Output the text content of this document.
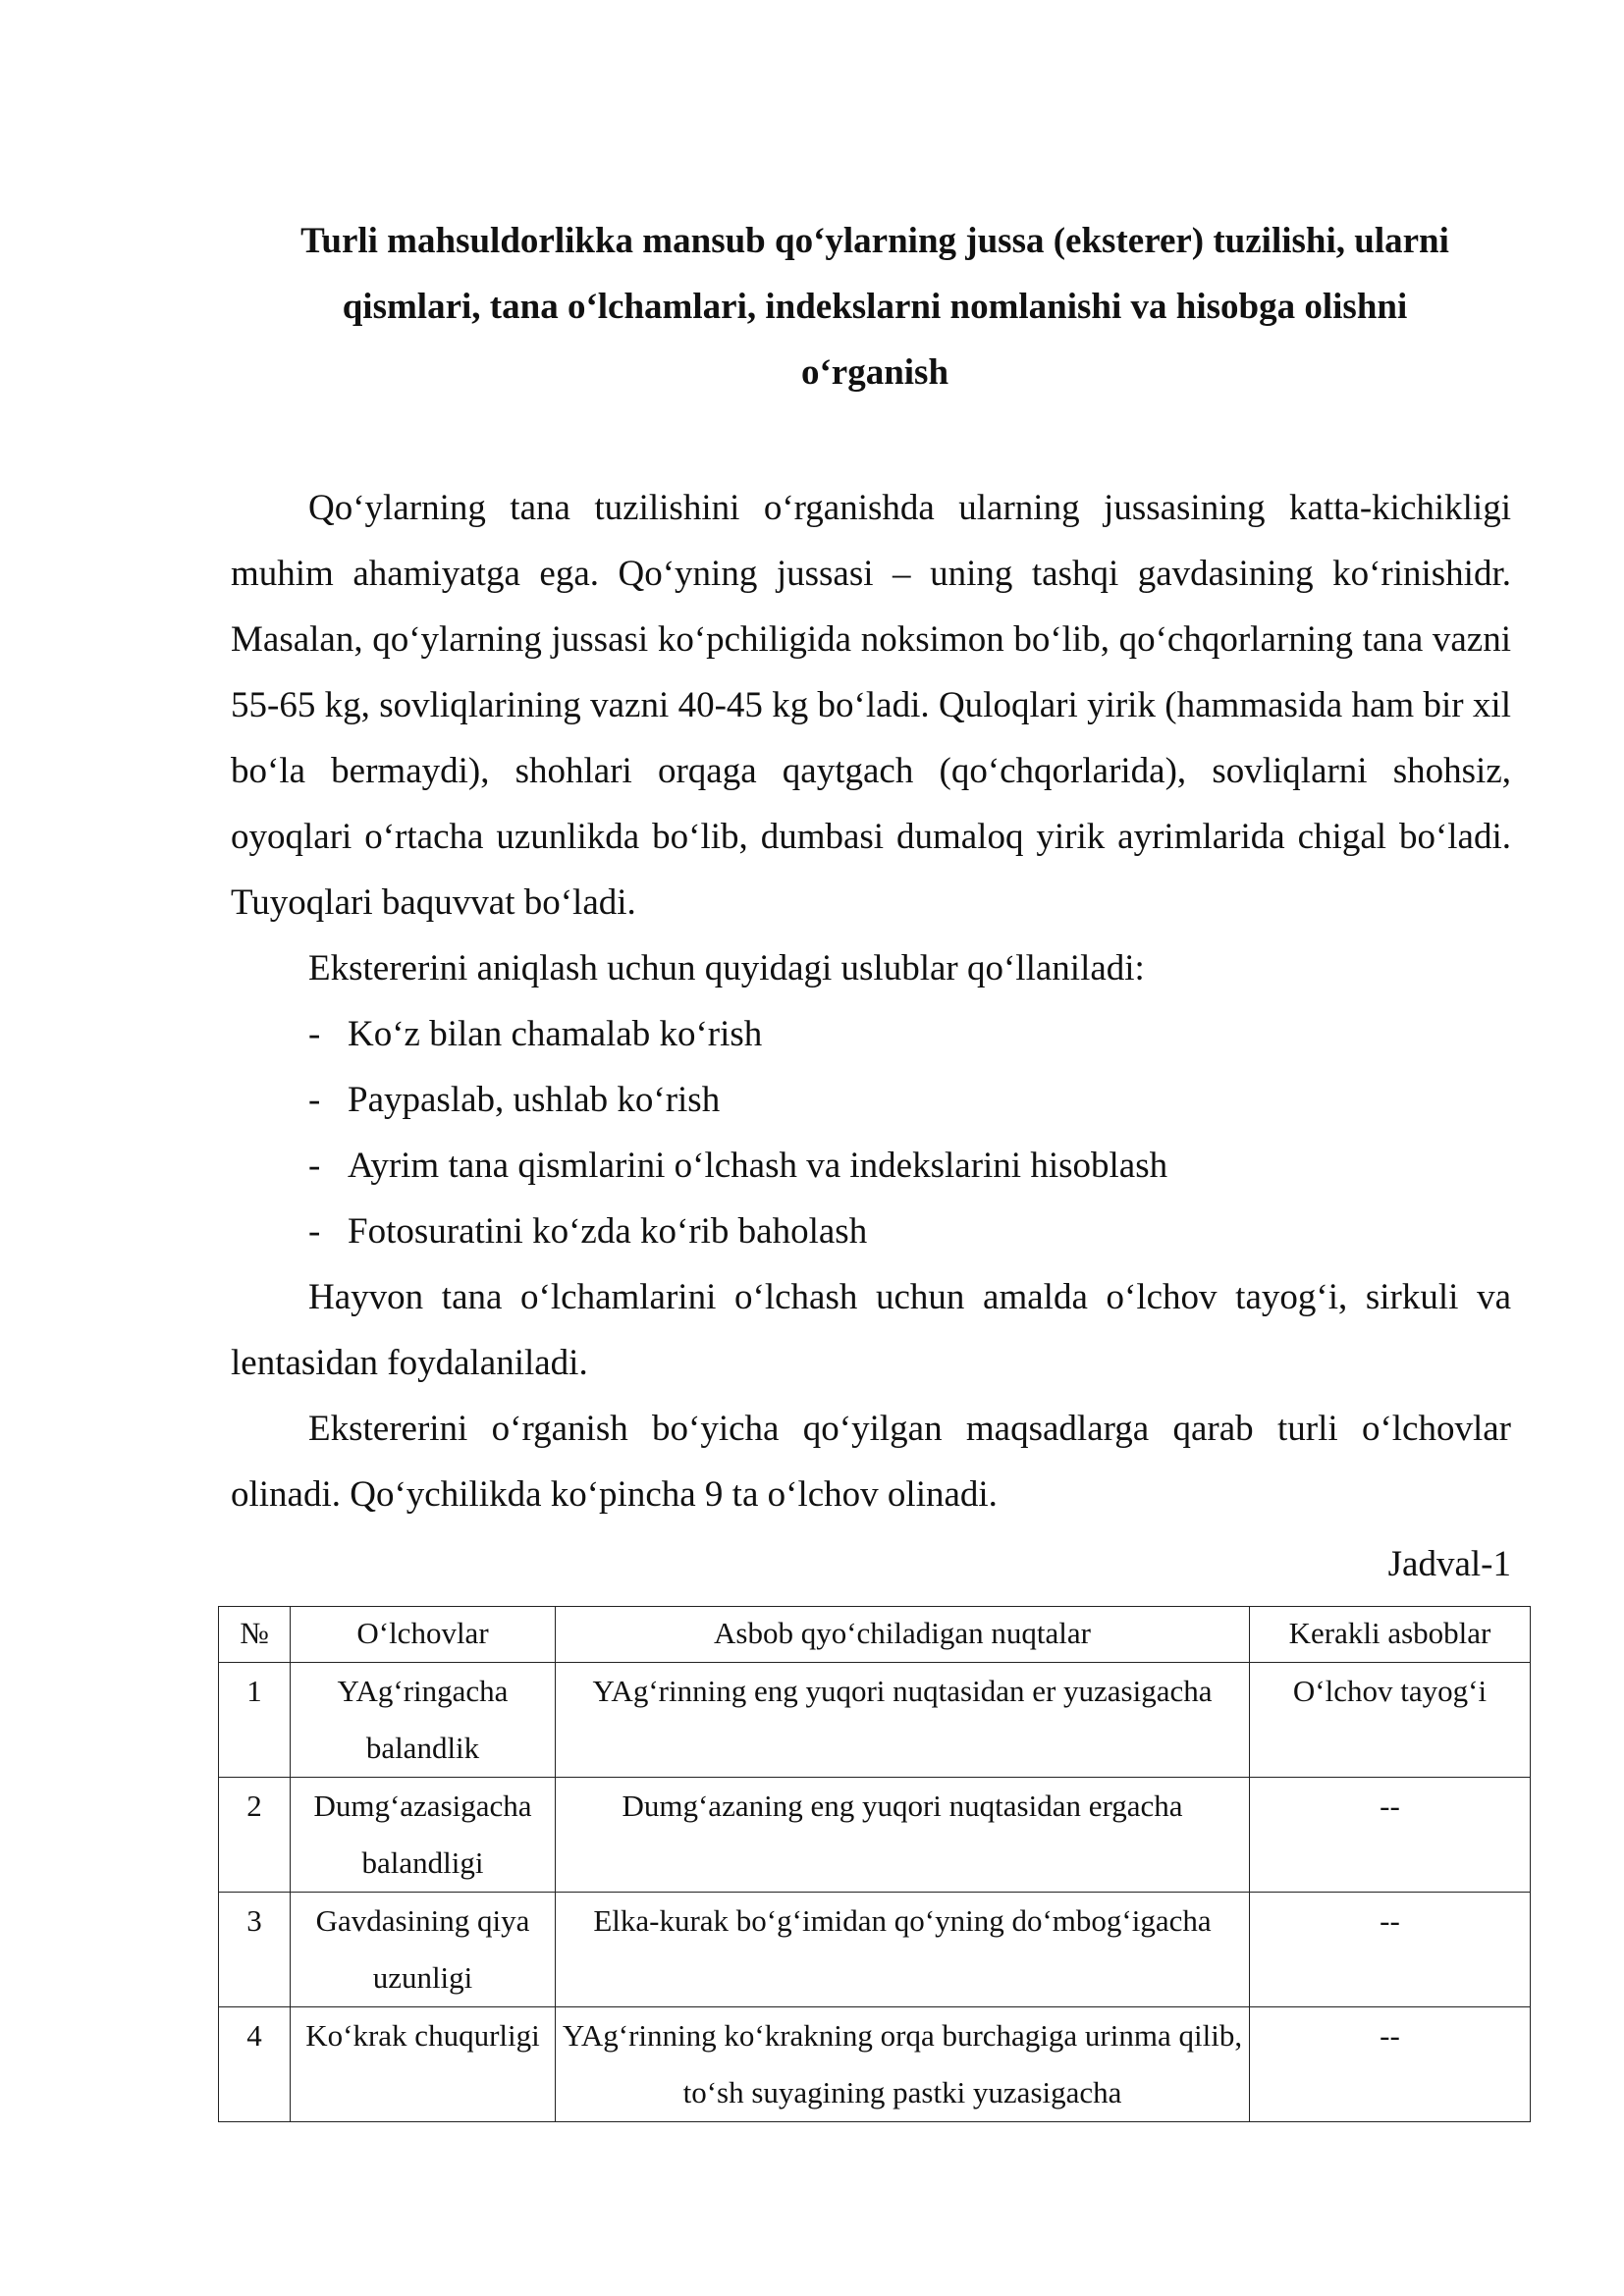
Turli mahsuldorlikka mansub qo‘ylarning jussa (eksterer) tuzilishi, ularni
qismlari, tana o‘lchamlari, indekslarni nomlanishi va hisobga olishni
o‘rganish

Qo‘ylarning tana tuzilishini o‘rganishda ularning jussasining katta-kichikligi muhim ahamiyatga ega. Qo‘yning jussasi – uning tashqi gavdasining ko‘rinishidr. Masalan, qo‘ylarning jussasi ko‘pchiligida noksimon bo‘lib, qo‘chqorlarning tana vazni 55-65 kg, sovliqlarining vazni 40-45 kg bo‘ladi. Quloqlari yirik (hammasida ham bir xil bo‘la bermaydi), shohlari orqaga qaytgach (qo‘chqorlarida), sovliqlarni shohsiz, oyoqlari o‘rtacha uzunlikda bo‘lib, dumbasi dumaloq yirik ayrimlarida chigal bo‘ladi. Tuyoqlari baquvvat bo‘ladi.

Ekstererini aniqlash uchun quyidagi uslublar qo‘llaniladi:

- Ko‘z bilan chamalab ko‘rish
- Paypaslab, ushlab ko‘rish
- Ayrim tana qismlarini o‘lchash va indekslarini hisoblash
- Fotosuratini ko‘zda ko‘rib baholash

Hayvon tana o‘lchamlarini o‘lchash uchun amalda o‘lchov tayog‘i, sirkuli va lentasidan foydalaniladi.

Ekstererini o‘rganish bo‘yicha qo‘yilgan maqsadlarga qarab turli o‘lchovlar olinadi. Qo‘ychilikda ko‘pincha 9 ta o‘lchov olinadi.

Jadval-1
№	O‘lchovlar	Asbob qyo‘chiladigan nuqtalar	Kerakli asboblar
1	YAg‘ringacha balandlik	YAg‘rinning eng yuqori nuqtasidan er yuzasigacha	O‘lchov tayog‘i
2	Dumg‘azasigacha balandligi	Dumg‘azaning eng yuqori nuqtasidan ergacha	--
3	Gavdasining qiya uzunligi	Elka-kurak bo‘g‘imidan qo‘yning do‘mbog‘igacha	--
4	Ko‘krak chuqurligi	YAg‘rinning ko‘krakning orqa burchagiga urinma qilib, to‘sh suyagining pastki yuzasigacha	--
